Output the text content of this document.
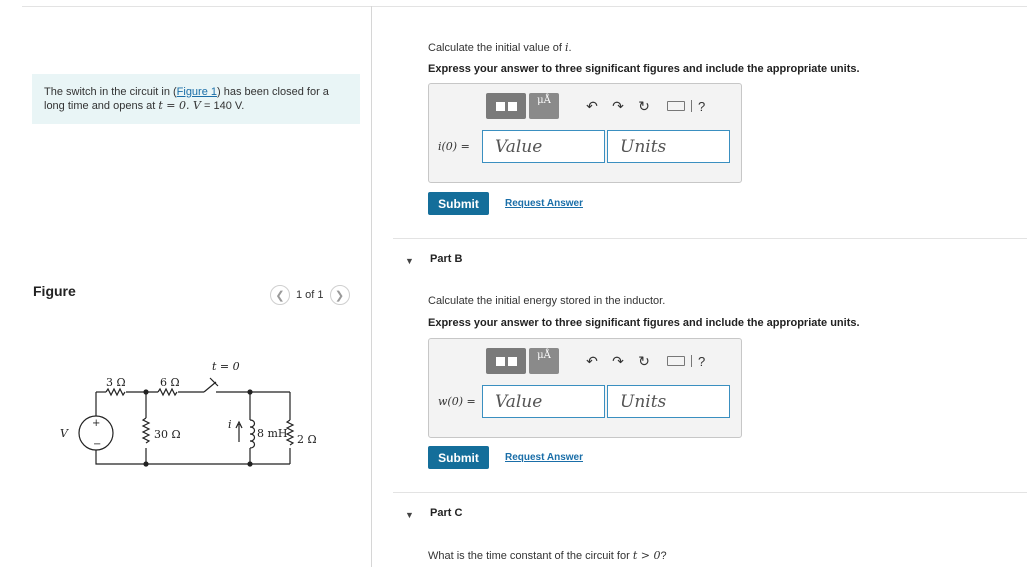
The switch in the circuit in (Figure 1) has been closed for a long time and opens at t = 0. V = 140 V.
Figure	❮	1 of 1	❯
3 Ω	6 Ω
t = 0
V
+
−
30 Ω
i
8 mH 2 Ω
Calculate the initial value of i.
Express your answer to three significant figures and include the appropriate units.
μÅ	↶	↷	↻	?
i(0) =	Value	Units
Submit	Request Answer
▼ Part B
Calculate the initial energy stored in the inductor.
Express your answer to three significant figures and include the appropriate units.
μÅ	↶	↷	↻	?
w(0) =	Value	Units
Submit	Request Answer
▼ Part C
What is the time constant of the circuit for t > 0?
